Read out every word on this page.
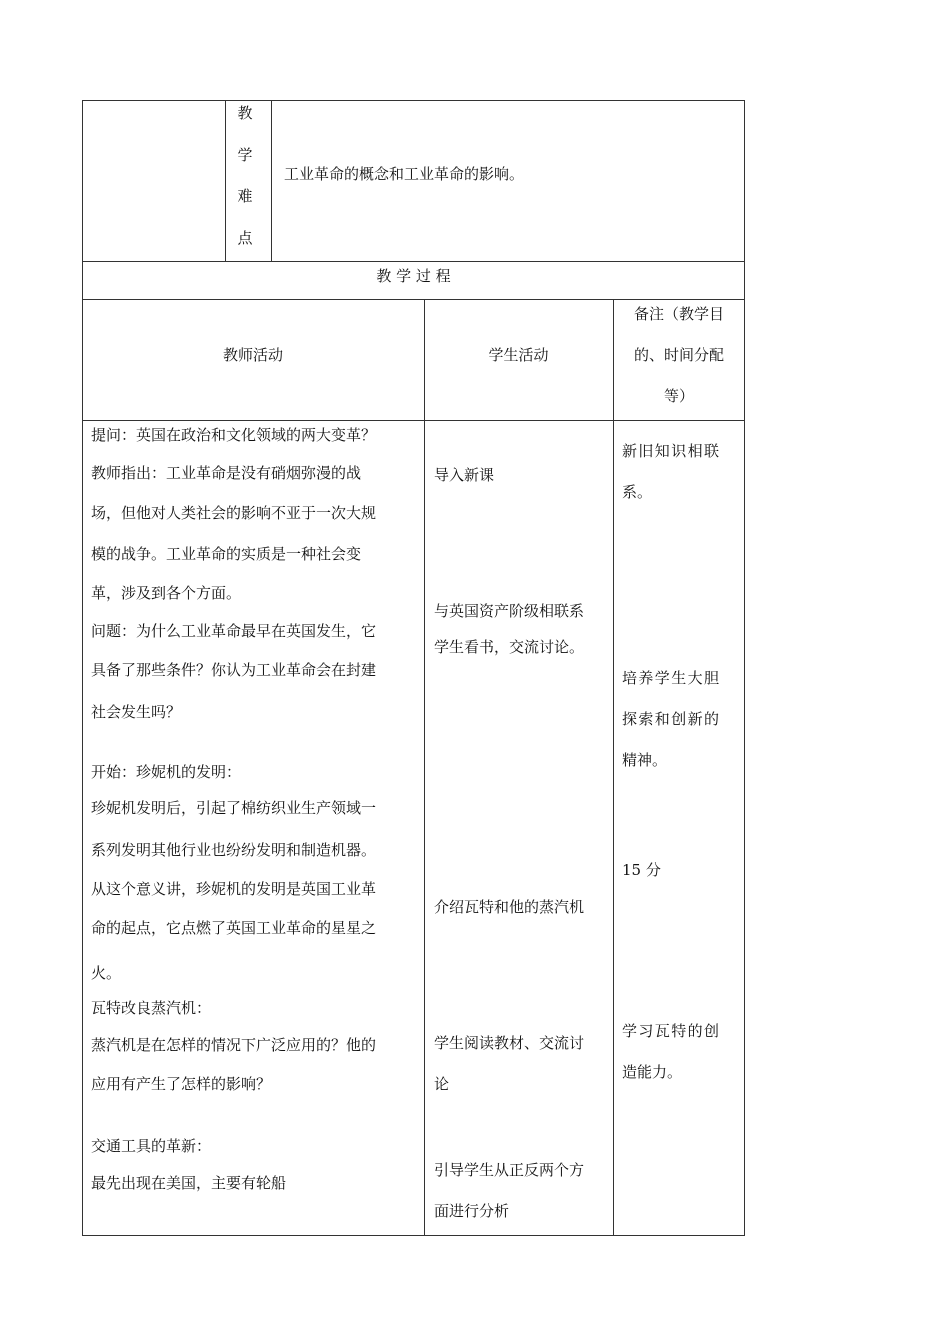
教
学
难
点
工业革命的概念和工业革命的影响。
教 学 过 程
教师活动	学生活动
备注（教学目
的、时间分配
等）
提问：英国在政治和文化领域的两大变革？
教师指出：工业革命是没有硝烟弥漫的战
场，但他对人类社会的影响不亚于一次大规
模的战争。工业革命的实质是一种社会变
革，涉及到各个方面。
问题：为什么工业革命最早在英国发生，它
具备了那些条件？你认为工业革命会在封建
社会发生吗？
开始：珍妮机的发明：
珍妮机发明后，引起了棉纺织业生产领域一
系列发明其他行业也纷纷发明和制造机器。
从这个意义讲，珍妮机的发明是英国工业革
命的起点，它点燃了英国工业革命的星星之
火。
瓦特改良蒸汽机：
蒸汽机是在怎样的情况下广泛应用的？他的
应用有产生了怎样的影响？
交通工具的革新：
最先出现在美国，主要有轮船
导入新课
与英国资产阶级相联系
学生看书，交流讨论。
介绍瓦特和他的蒸汽机
学生阅读教材、交流讨
论
引导学生从正反两个方
面进行分析
新旧知识相联
系。
培养学生大胆
探索和创新的
精神。
15 分
学习瓦特的创
造能力。
